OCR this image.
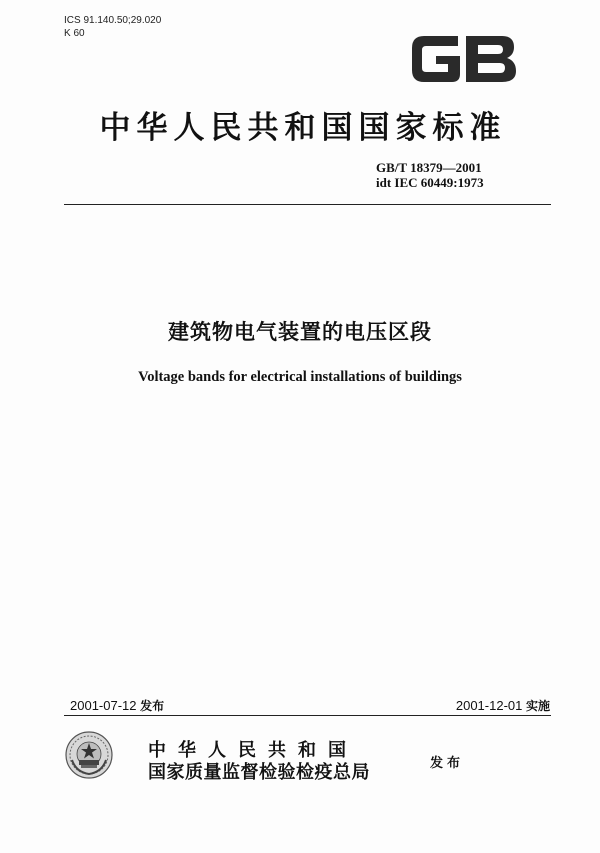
ICS 91.140.50;29.020
K 60
中华人民共和国国家标准
GB/T 18379—2001
idt IEC 60449:1973
建筑物电气装置的电压区段
Voltage bands for electrical installations of buildings
2001-07-12 发布	2001-12-01 实施
中华人民共和国
国家质量监督检验检疫总局	发布
